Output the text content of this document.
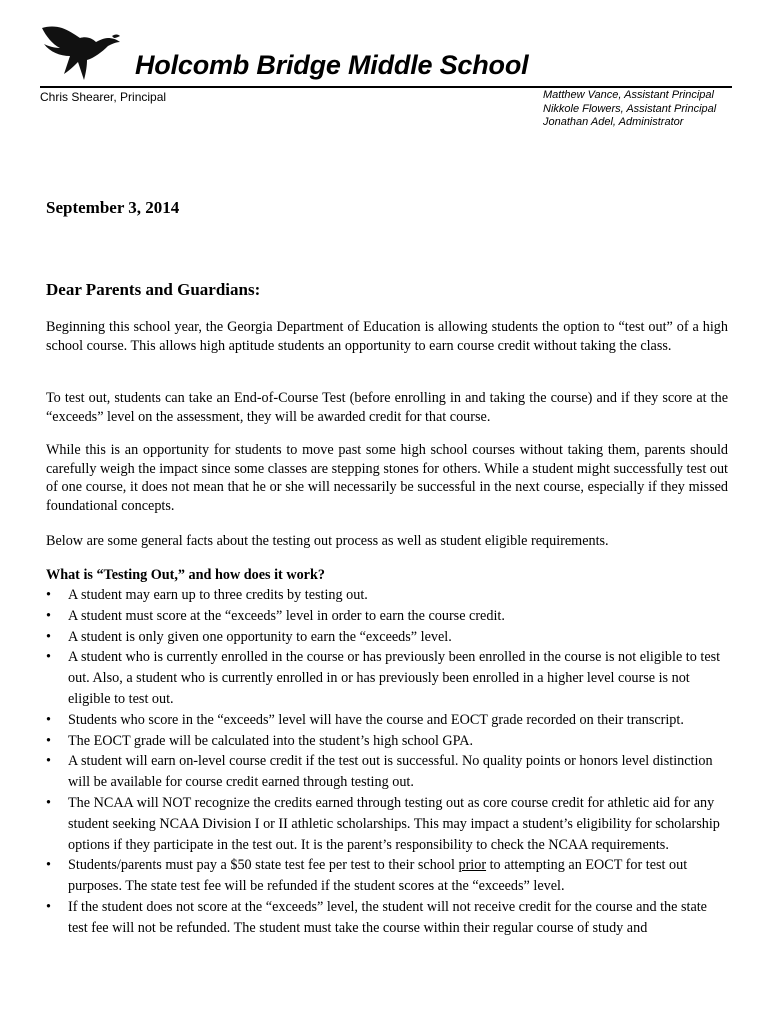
Holcomb Bridge Middle School
Chris Shearer, Principal	Matthew Vance, Assistant Principal
Nikkole Flowers, Assistant Principal
Jonathan Adel, Administrator
September 3, 2014
Dear Parents and Guardians:

Beginning this school year, the Georgia Department of Education is allowing students the option to “test out” of a high school course. This allows high aptitude students an opportunity to earn course credit without taking the class.

To test out, students can take an End-of-Course Test (before enrolling in and taking the course) and if they score at the “exceeds” level on the assessment, they will be awarded credit for that course.

While this is an opportunity for students to move past some high school courses without taking them, parents should carefully weigh the impact since some classes are stepping stones for others. While a student might successfully test out of one course, it does not mean that he or she will necessarily be successful in the next course, especially if they missed foundational concepts.

Below are some general facts about the testing out process as well as student eligible requirements.

What is “Testing Out,” and how does it work?
•	A student may earn up to three credits by testing out.
•	A student must score at the “exceeds” level in order to earn the course credit.
•	A student is only given one opportunity to earn the “exceeds” level.
•	A student who is currently enrolled in the course or has previously been enrolled in the course is not eligible to test out. Also, a student who is currently enrolled in or has previously been enrolled in a higher level course is not eligible to test out.
•	Students who score in the “exceeds” level will have the course and EOCT grade recorded on their transcript.
•	The EOCT grade will be calculated into the student’s high school GPA.
•	A student will earn on-level course credit if the test out is successful. No quality points or honors level distinction will be available for course credit earned through testing out.
•	The NCAA will NOT recognize the credits earned through testing out as core course credit for athletic aid for any student seeking NCAA Division I or II athletic scholarships. This may impact a student’s eligibility for scholarship options if they participate in the test out. It is the parent’s responsibility to check the NCAA requirements.
•	Students/parents must pay a $50 state test fee per test to their school prior to attempting an EOCT for test out purposes. The state test fee will be refunded if the student scores at the “exceeds” level.
•	If the student does not score at the “exceeds” level, the student will not receive credit for the course and the state test fee will not be refunded. The student must take the course within their regular course of study and
